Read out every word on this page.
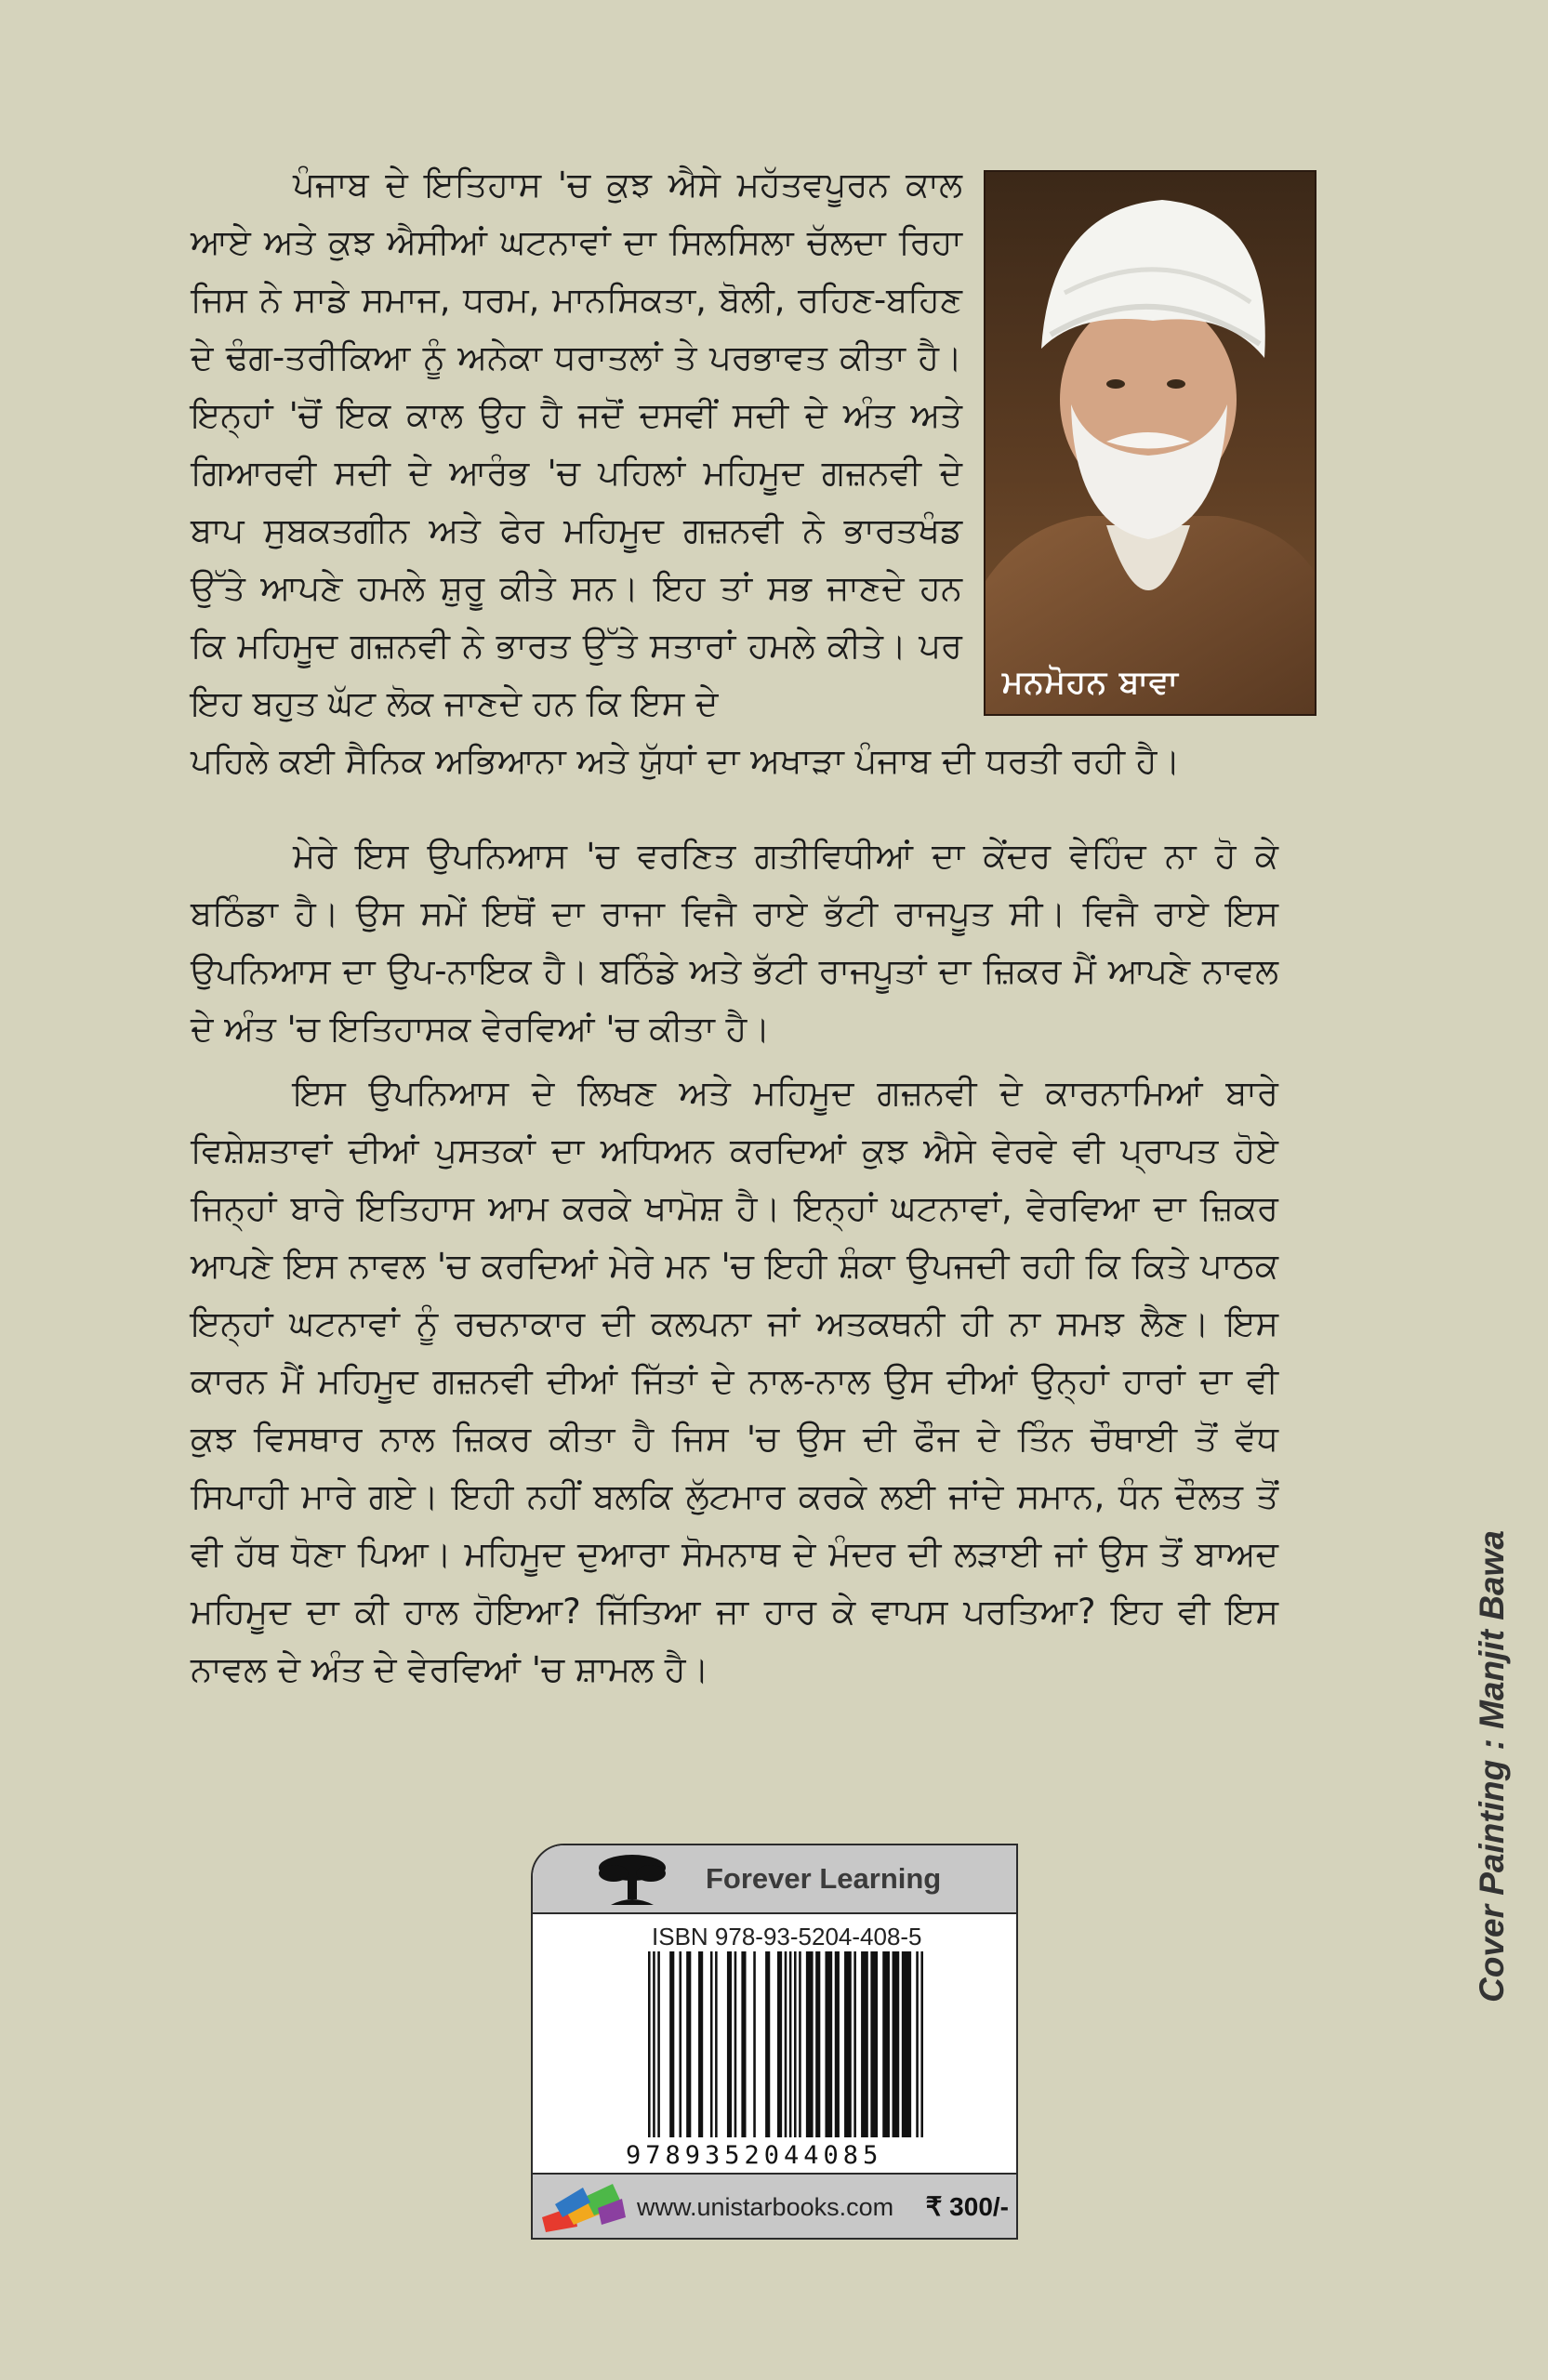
ਪੰਜਾਬ ਦੇ ਇਤਿਹਾਸ 'ਚ ਕੁਝ ਐਸੇ ਮਹੱਤਵਪੂਰਨ ਕਾਲ ਆਏ ਅਤੇ ਕੁਝ ਐਸੀਆਂ ਘਟਨਾਵਾਂ ਦਾ ਸਿਲਸਿਲਾ ਚੱਲਦਾ ਰਿਹਾ ਜਿਸ ਨੇ ਸਾਡੇ ਸਮਾਜ, ਧਰਮ, ਮਾਨਸਿਕਤਾ, ਬੋਲੀ, ਰਹਿਣ-ਬਹਿਣ ਦੇ ਢੰਗ-ਤਰੀਕਿਆ ਨੂੰ ਅਨੇਕਾ ਧਰਾਤਲਾਂ ਤੇ ਪਰਭਾਵਤ ਕੀਤਾ ਹੈ। ਇਨ੍ਹਾਂ 'ਚੋਂ ਇਕ ਕਾਲ ਉਹ ਹੈ ਜਦੋਂ ਦਸਵੀਂ ਸਦੀ ਦੇ ਅੰਤ ਅਤੇ ਗਿਆਰਵੀ ਸਦੀ ਦੇ ਆਰੰਭ 'ਚ ਪਹਿਲਾਂ ਮਹਿਮੂਦ ਗਜ਼ਨਵੀ ਦੇ ਬਾਪ ਸੁਬਕਤਗੀਨ ਅਤੇ ਫੇਰ ਮਹਿਮੂਦ ਗਜ਼ਨਵੀ ਨੇ ਭਾਰਤਖੰਡ ਉੱਤੇ ਆਪਣੇ ਹਮਲੇ ਸ਼ੁਰੂ ਕੀਤੇ ਸਨ। ਇਹ ਤਾਂ ਸਭ ਜਾਣਦੇ ਹਨ ਕਿ ਮਹਿਮੂਦ ਗਜ਼ਨਵੀ ਨੇ ਭਾਰਤ ਉੱਤੇ ਸਤਾਰਾਂ ਹਮਲੇ ਕੀਤੇ। ਪਰ ਇਹ ਬਹੁਤ ਘੱਟ ਲੋਕ ਜਾਣਦੇ ਹਨ ਕਿ ਇਸ ਦੇ

ਪਹਿਲੇ ਕਈ ਸੈਨਿਕ ਅਭਿਆਨਾ ਅਤੇ ਯੁੱਧਾਂ ਦਾ ਅਖਾੜਾ ਪੰਜਾਬ ਦੀ ਧਰਤੀ ਰਹੀ ਹੈ।

ਮਨਮੋਹਨ ਬਾਵਾ

ਮੇਰੇ ਇਸ ਉਪਨਿਆਸ 'ਚ ਵਰਣਿਤ ਗਤੀਵਿਧੀਆਂ ਦਾ ਕੇਂਦਰ ਵੇਹਿੰਦ ਨਾ ਹੋ ਕੇ ਬਠਿੰਡਾ ਹੈ। ਉਸ ਸਮੇਂ ਇਥੋਂ ਦਾ ਰਾਜਾ ਵਿਜੈ ਰਾਏ ਭੱਟੀ ਰਾਜਪੂਤ ਸੀ। ਵਿਜੈ ਰਾਏ ਇਸ ਉਪਨਿਆਸ ਦਾ ਉਪ-ਨਾਇਕ ਹੈ। ਬਠਿੰਡੇ ਅਤੇ ਭੱਟੀ ਰਾਜਪੂਤਾਂ ਦਾ ਜ਼ਿਕਰ ਮੈਂ ਆਪਣੇ ਨਾਵਲ ਦੇ ਅੰਤ 'ਚ ਇਤਿਹਾਸਕ ਵੇਰਵਿਆਂ 'ਚ ਕੀਤਾ ਹੈ।

ਇਸ ਉਪਨਿਆਸ ਦੇ ਲਿਖਣ ਅਤੇ ਮਹਿਮੂਦ ਗਜ਼ਨਵੀ ਦੇ ਕਾਰਨਾਮਿਆਂ ਬਾਰੇ ਵਿਸ਼ੇਸ਼ਤਾਵਾਂ ਦੀਆਂ ਪੁਸਤਕਾਂ ਦਾ ਅਧਿਅਨ ਕਰਦਿਆਂ ਕੁਝ ਐਸੇ ਵੇਰਵੇ ਵੀ ਪ੍ਰਾਪਤ ਹੋਏ ਜਿਨ੍ਹਾਂ ਬਾਰੇ ਇਤਿਹਾਸ ਆਮ ਕਰਕੇ ਖਾਮੋਸ਼ ਹੈ। ਇਨ੍ਹਾਂ ਘਟਨਾਵਾਂ, ਵੇਰਵਿਆ ਦਾ ਜ਼ਿਕਰ ਆਪਣੇ ਇਸ ਨਾਵਲ 'ਚ ਕਰਦਿਆਂ ਮੇਰੇ ਮਨ 'ਚ ਇਹੀ ਸ਼ੰਕਾ ਉਪਜਦੀ ਰਹੀ ਕਿ ਕਿਤੇ ਪਾਠਕ ਇਨ੍ਹਾਂ ਘਟਨਾਵਾਂ ਨੂੰ ਰਚਨਾਕਾਰ ਦੀ ਕਲਪਨਾ ਜਾਂ ਅਤਕਥਨੀ ਹੀ ਨਾ ਸਮਝ ਲੈਣ। ਇਸ ਕਾਰਨ ਮੈਂ ਮਹਿਮੂਦ ਗਜ਼ਨਵੀ ਦੀਆਂ ਜਿੱਤਾਂ ਦੇ ਨਾਲ-ਨਾਲ ਉਸ ਦੀਆਂ ਉਨ੍ਹਾਂ ਹਾਰਾਂ ਦਾ ਵੀ ਕੁਝ ਵਿਸਥਾਰ ਨਾਲ ਜ਼ਿਕਰ ਕੀਤਾ ਹੈ ਜਿਸ 'ਚ ਉਸ ਦੀ ਫੌਜ ਦੇ ਤਿੰਨ ਚੌਥਾਈ ਤੋਂ ਵੱਧ ਸਿਪਾਹੀ ਮਾਰੇ ਗਏ। ਇਹੀ ਨਹੀਂ ਬਲਕਿ ਲੁੱਟਮਾਰ ਕਰਕੇ ਲਈ ਜਾਂਦੇ ਸਮਾਨ, ਧੰਨ ਦੌਲਤ ਤੋਂ ਵੀ ਹੱਥ ਧੋਣਾ ਪਿਆ। ਮਹਿਮੂਦ ਦੁਆਰਾ ਸੋਮਨਾਥ ਦੇ ਮੰਦਰ ਦੀ ਲੜਾਈ ਜਾਂ ਉਸ ਤੋਂ ਬਾਅਦ ਮਹਿਮੂਦ ਦਾ ਕੀ ਹਾਲ ਹੋਇਆ? ਜਿੱਤਿਆ ਜਾ ਹਾਰ ਕੇ ਵਾਪਸ ਪਰਤਿਆ? ਇਹ ਵੀ ਇਸ ਨਾਵਲ ਦੇ ਅੰਤ ਦੇ ਵੇਰਵਿਆਂ 'ਚ ਸ਼ਾਮਲ ਹੈ।	Cover Painting : Manjit Bawa
Forever Learning
ISBN 978-93-5204-408-5
9789352044085
www.unistarbooks.com ₹ 300/-
